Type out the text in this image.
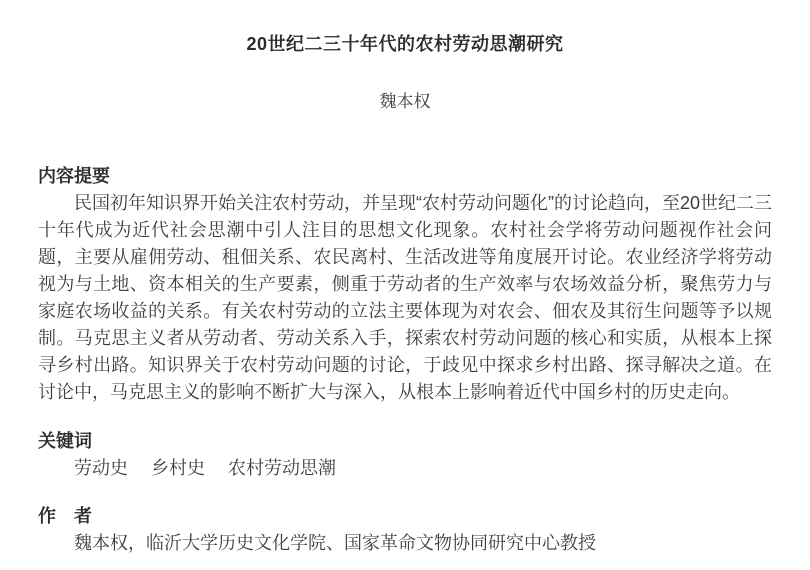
20世纪二三十年代的农村劳动思潮研究
魏本权
内容提要

民国初年知识界开始关注农村劳动，并呈现“农村劳动问题化”的讨论趋向，至20世纪二三十年代成为近代社会思潮中引人注目的思想文化现象。农村社会学将劳动问题视作社会问题，主要从雇佣劳动、租佃关系、农民离村、生活改进等角度展开讨论。农业经济学将劳动视为与土地、资本相关的生产要素，侧重于劳动者的生产效率与农场效益分析，聚焦劳力与家庭农场收益的关系。有关农村劳动的立法主要体现为对农会、佃农及其衍生问题等予以规制。马克思主义者从劳动者、劳动关系入手，探索农村劳动问题的核心和实质，从根本上探寻乡村出路。知识界关于农村劳动问题的讨论，于歧见中探求乡村出路、探寻解决之道。在讨论中，马克思主义的影响不断扩大与深入，从根本上影响着近代中国乡村的历史走向。

关键词
劳动史 乡村史 农村劳动思潮
作　者
魏本权，临沂大学历史文化学院、国家革命文物协同研究中心教授
